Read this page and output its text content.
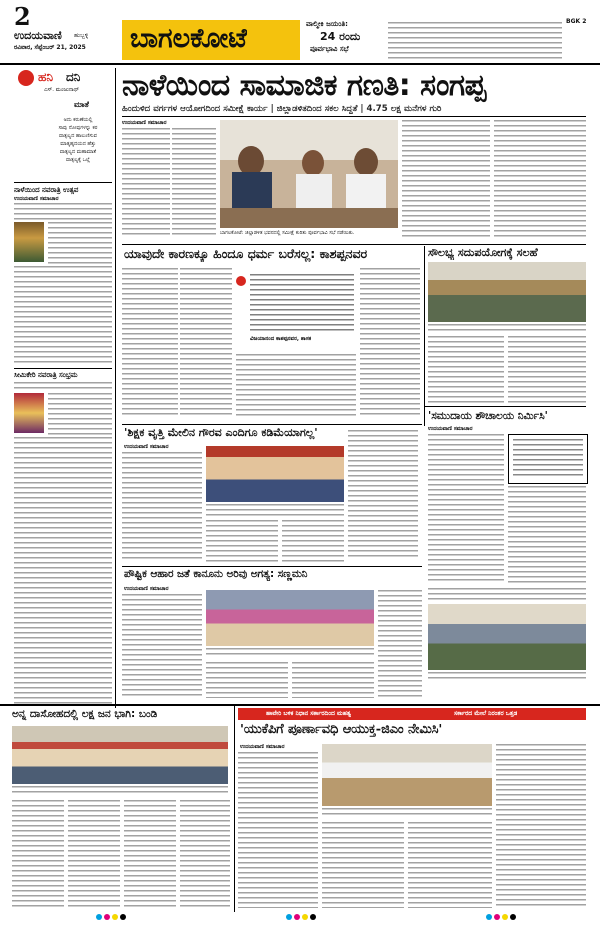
2
ಉದಯವಾಣಿ ಹುಬ್ಬಳ್ಳಿ
ರವಿವಾರ, ಸೆಪ್ಟೆಂಬರ್ 21, 2025 ಬಾಗಲಕೋಟೆ	ವಾಲ್ಮೀಕಿ ಜಯಂತಿ:
24 ರಂದು
ಪೂರ್ವಭಾವಿ ಸಭೆ
BGK 2
ಹನಿ ದನಿ
ಎಸ್. ಮಂಜುನಾಥ್
ಮಾತೆ
ಅದು ಕರುಣೆಯಲ್ಲಿ
ಸಾವು ನೋವುಗಳನ್ನು ಕರ
ವಾತ್ಸಲ್ಯದ ಹಾಲುಣಿಸುವ
ಮಾತೃಹೃದಯದ ಹೆತ್ತು
ವಾತ್ಸಲ್ಯದ ಮಹಾಮಾತೆ
ವಾತ್ಸಲ್ಯಕ್ಕೆ ಒಲ್ಲೆ
ನಾಳೆಯಿಂದ ನವರಾತ್ರಿ ಉತ್ಸವ
ಉದಯವಾಣಿ ಸಮಾಚಾರ
ಸೀಮಿಕೇರಿ ನವರಾತ್ರಿ ಸಂಭ್ರಮ
ನಾಳೆಯಿಂದ ಸಾಮಾಜಿಕ ಗಣತಿ: ಸಂಗಪ್ಪ
ಹಿಂದುಳಿದ ವರ್ಗಗಳ ಆಯೋಗದಿಂದ ಸಮೀಕ್ಷೆ ಕಾರ್ಯ | ಜಿಲ್ಲಾಡಳಿತದಿಂದ ಸಕಲ ಸಿದ್ಧತೆ | 4.75 ಲಕ್ಷ ಮನೆಗಳ ಗುರಿ
ಉದಯವಾಣಿ ಸಮಾಚಾರ
ಬಾಗಲಕೋಟೆ: ಜಿಲ್ಲಾಡಳಿತ ಭವನದಲ್ಲಿ ಸಮೀಕ್ಷೆ ಕುರಿತು ಪೂರ್ವಭಾವಿ ಸಭೆ ನಡೆಯಿತು.
ಯಾವುದೇ ಕಾರಣಕ್ಕೂ ಹಿಂದೂ ಧರ್ಮ ಬರೆಸಲ್ಲ: ಕಾಶಪ್ಪನವರ
ವಿಜಯಾನಂದ ಕಾಶಪ್ಪನವರ, ಶಾಸಕ
ಸೌಲಭ್ಯ ಸದುಪಯೋಗಕ್ಕೆ ಸಲಹೆ
'ಶಿಕ್ಷಕ ವೃತ್ತಿ ಮೇಲಿನ ಗೌರವ ಎಂದಿಗೂ ಕಡಿಮೆಯಾಗಲ್ಲ'
ಉದಯವಾಣಿ ಸಮಾಚಾರ
'ಸಮುದಾಯ ಶೌಚಾಲಯ ನಿರ್ಮಿಸಿ'
ಉದಯವಾಣಿ ಸಮಾಚಾರ
ಪೌಷ್ಟಿಕ ಆಹಾರ ಜತೆ ಕಾನೂನು ಅರಿವು ಅಗತ್ಯ: ಸಣ್ಣಮನಿ
ಉದಯವಾಣಿ ಸಮಾಚಾರ
ಅನ್ನ ದಾಸೋಹದಲ್ಲಿ ಲಕ್ಷ ಜನ ಭಾಗಿ: ಬಂಡಿ	ಹಾವೇರಿ ಬಳಿಕ ನಿಧಾನ ಸರ್ಕಾರದಿಂದ ಮಹತ್ವ	ಸರ್ಕಾರದ ಮೇಲೆ ನಿರಂತರ ಒತ್ತಡ
'ಯುಕೆಪಿಗೆ ಪೂರ್ಣಾವಧಿ ಆಯುಕ್ತ-ಜಿಎಂ ನೇಮಿಸಿ'
ಉದಯವಾಣಿ ಸಮಾಚಾರ
